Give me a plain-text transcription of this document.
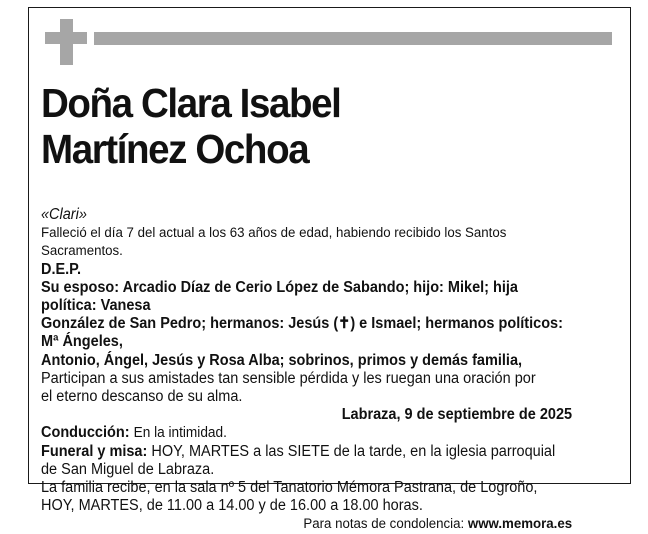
Doña Clara Isabel
Martínez Ochoa

«Clari»

Falleció el día 7 del actual a los 63 años de edad, habiendo recibido los Santos Sacramentos.

D.E.P.

Su esposo: Arcadio Díaz de Cerio López de Sabando; hijo: Mikel; hija política: Vanesa

González de San Pedro; hermanos: Jesús (✝) e Ismael; hermanos políticos: Mª Ángeles,

Antonio, Ángel, Jesús y Rosa Alba; sobrinos, primos y demás familia,

Participan a sus amistades tan sensible pérdida y les ruegan una oración por

el eterno descanso de su alma.

Labraza, 9 de septiembre de 2025

Conducción: En la intimidad.

Funeral y misa: HOY, MARTES a las SIETE de la tarde, en la iglesia parroquial

de San Miguel de Labraza.

La familia recibe, en la sala nº 5 del Tanatorio Mémora Pastrana, de Logroño,

HOY, MARTES, de 11.00 a 14.00 y de 16.00 a 18.00 horas.

Para notas de condolencia: www.memora.es
